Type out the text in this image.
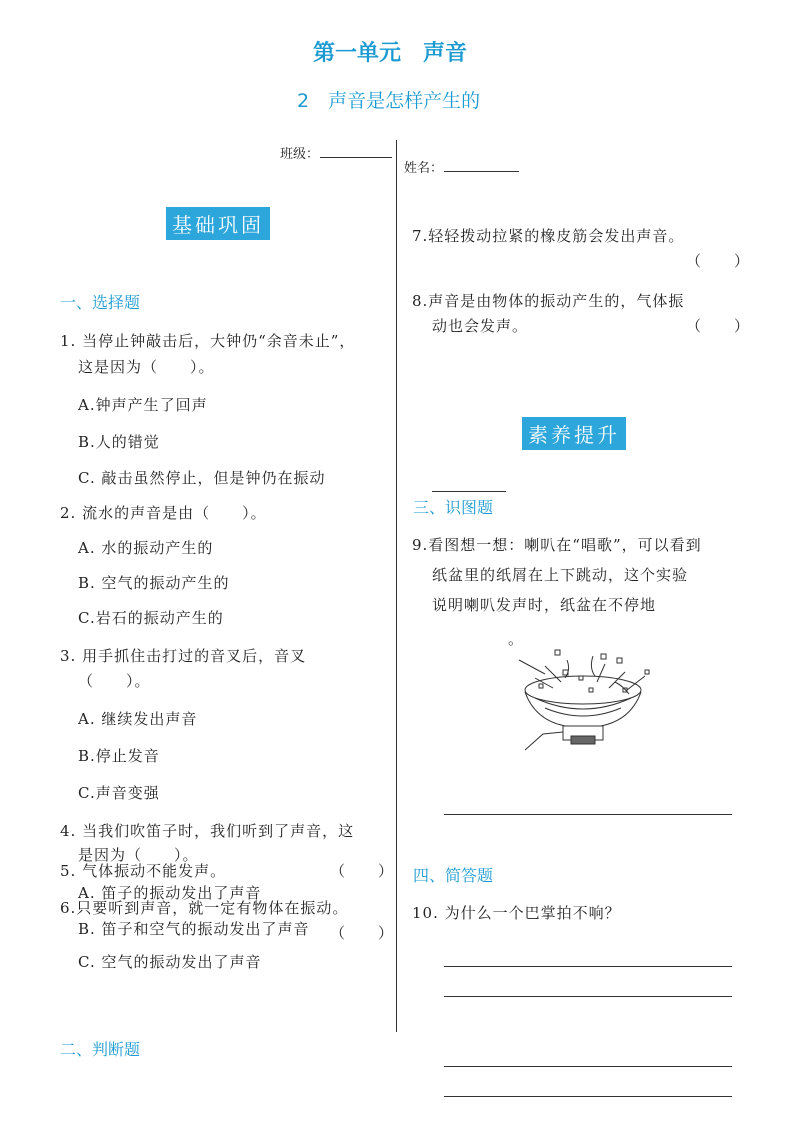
第一单元　声音
2　声音是怎样产生的
班级：
姓名：
基础巩固
一、选择题
1. 当停止钟敲击后，大钟仍“余音未止”，
这是因为（　　）。
A.钟声产生了回声
B.人的错觉
C. 敲击虽然停止，但是钟仍在振动
2. 流水的声音是由（　　）。
A. 水的振动产生的
B. 空气的振动产生的
C.岩石的振动产生的
3. 用手抓住击打过的音叉后，音叉
（　　）。
A. 继续发出声音
B.停止发音
C.声音变强
4. 当我们吹笛子时，我们听到了声音，这
是因为（　　）。
A. 笛子的振动发出了声音
B. 笛子和空气的振动发出了声音
C. 空气的振动发出了声音
5. 气体振动不能发声。	（　　）
6.只要听到声音，就一定有物体在振动。
（　　）
二、判断题
7.轻轻拨动拉紧的橡皮筋会发出声音。
（　　）
8.声音是由物体的振动产生的，气体振
动也会发声。	（　　）
素养提升
三、识图题
9.看图想一想：喇叭在“唱歌”，可以看到
纸盆里的纸屑在上下跳动，这个实验
说明喇叭发声时，纸盆在不停地
。
四、简答题
10. 为什么一个巴掌拍不响？
